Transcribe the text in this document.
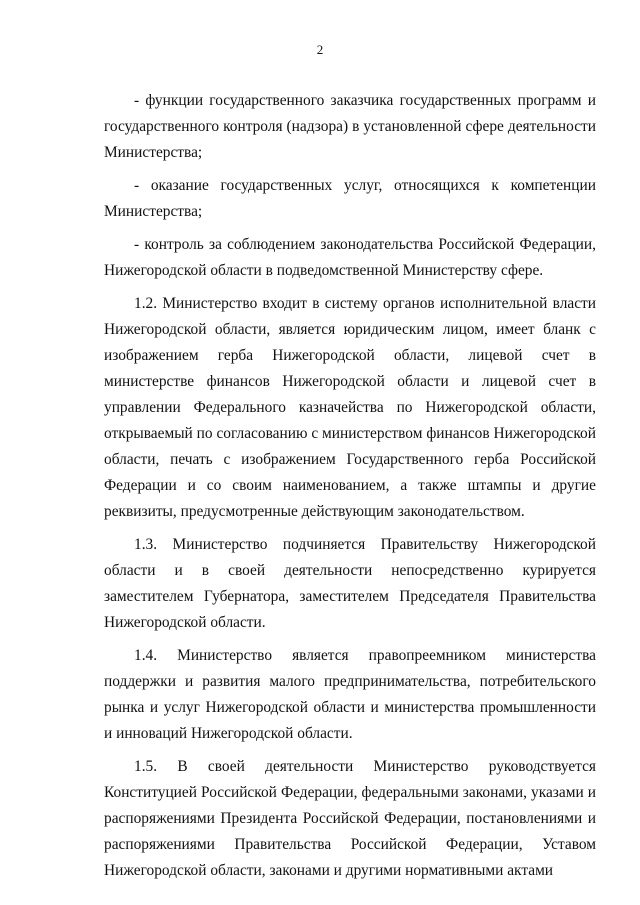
2

- функции государственного заказчика государственных программ и государственного контроля (надзора) в установленной сфере деятельности Министерства;

- оказание государственных услуг, относящихся к компетенции Министерства;

- контроль за соблюдением законодательства Российской Федерации, Нижегородской области в подведомственной Министерству сфере.

1.2. Министерство входит в систему органов исполнительной власти Нижегородской области, является юридическим лицом, имеет бланк с изображением герба Нижегородской области, лицевой счет в министерстве финансов Нижегородской области и лицевой счет в управлении Федерального казначейства по Нижегородской области, открываемый по согласованию с министерством финансов Нижегородской области, печать с изображением Государственного герба Российской Федерации и со своим наименованием, а также штампы и другие реквизиты, предусмотренные действующим законодательством.

1.3. Министерство подчиняется Правительству Нижегородской области и в своей деятельности непосредственно курируется заместителем Губернатора, заместителем Председателя Правительства Нижегородской области.

1.4. Министерство является правопреемником министерства поддержки и развития малого предпринимательства, потребительского рынка и услуг Нижегородской области и министерства промышленности и инноваций Нижегородской области.

1.5. В своей деятельности Министерство руководствуется Конституцией Российской Федерации, федеральными законами, указами и распоряжениями Президента Российской Федерации, постановлениями и распоряжениями Правительства Российской Федерации, Уставом Нижегородской области, законами и другими нормативными актами
